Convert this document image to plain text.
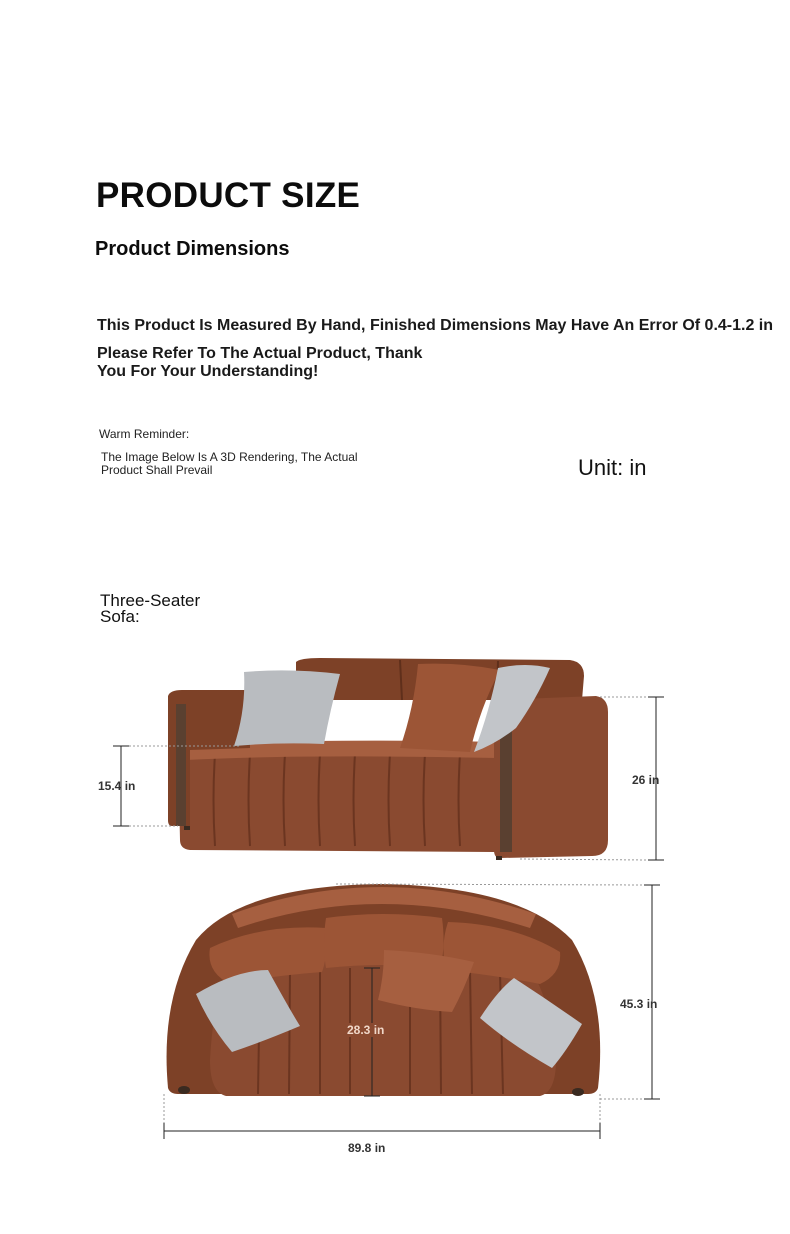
PRODUCT SIZE
Product Dimensions
This Product Is Measured By Hand, Finished Dimensions May Have An Error Of 0.4-1.2 in
Please Refer To The Actual Product, Thank You For Your Understanding!
Warm Reminder:
The Image Below Is A 3D Rendering, The Actual Product Shall Prevail	Unit: in
Three-Seater Sofa:
15.4 in	26 in
45.3 in
28.3 in
89.8 in
